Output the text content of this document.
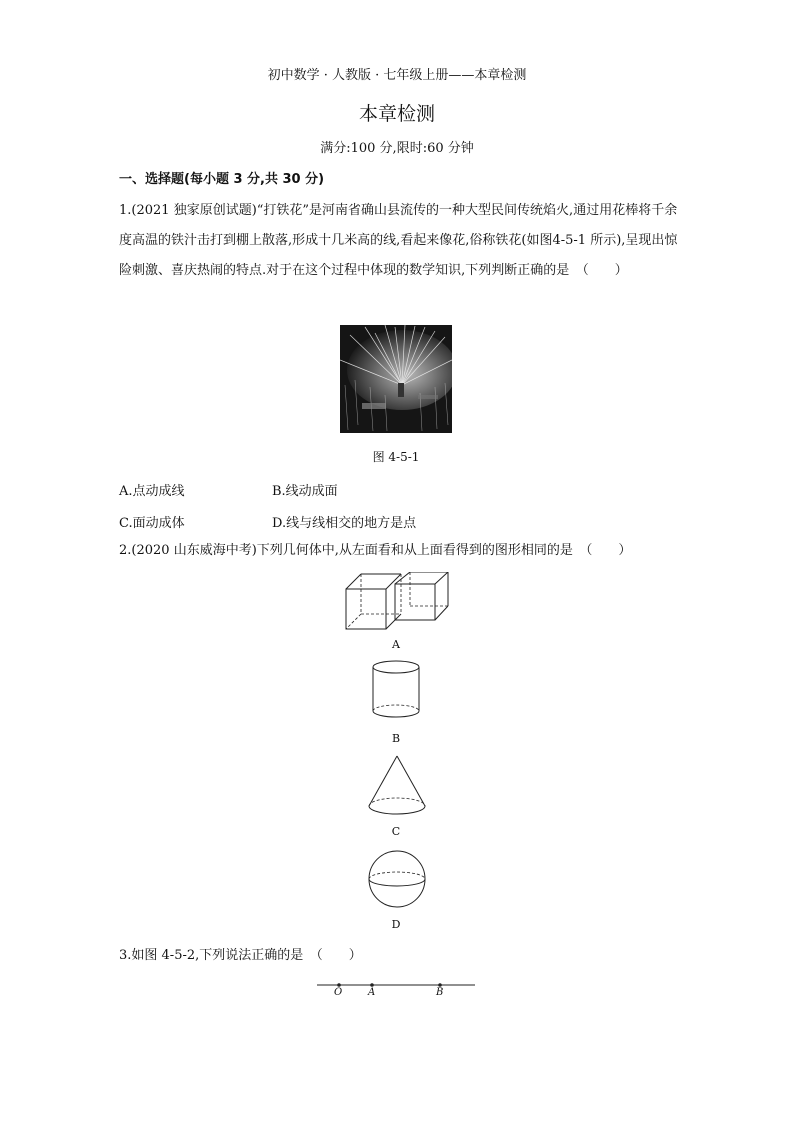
初中数学 · 人教版 · 七年级上册——本章检测
本章检测
满分:100 分,限时:60 分钟
一、选择题(每小题 3 分,共 30 分)
1.(2021 独家原创试题)“打铁花”是河南省确山县流传的一种大型民间传统焰火,通过用花棒将千余度高温的铁汁击打到棚上散落,形成十几米高的线,看起来像花,俗称铁花(如图4-5-1 所示),呈现出惊险刺激、喜庆热闹的特点.对于在这个过程中体现的数学知识,下列判断正确的是　（　　）
图 4-5-1
A.点动成线	B.线动成面
C.面动成体	D.线与线相交的地方是点
2.(2020 山东威海中考)下列几何体中,从左面看和从上面看得到的图形相同的是　（　　）
A
B
C
D
3.如图 4-5-2,下列说法正确的是　（　　）
O	A	B
